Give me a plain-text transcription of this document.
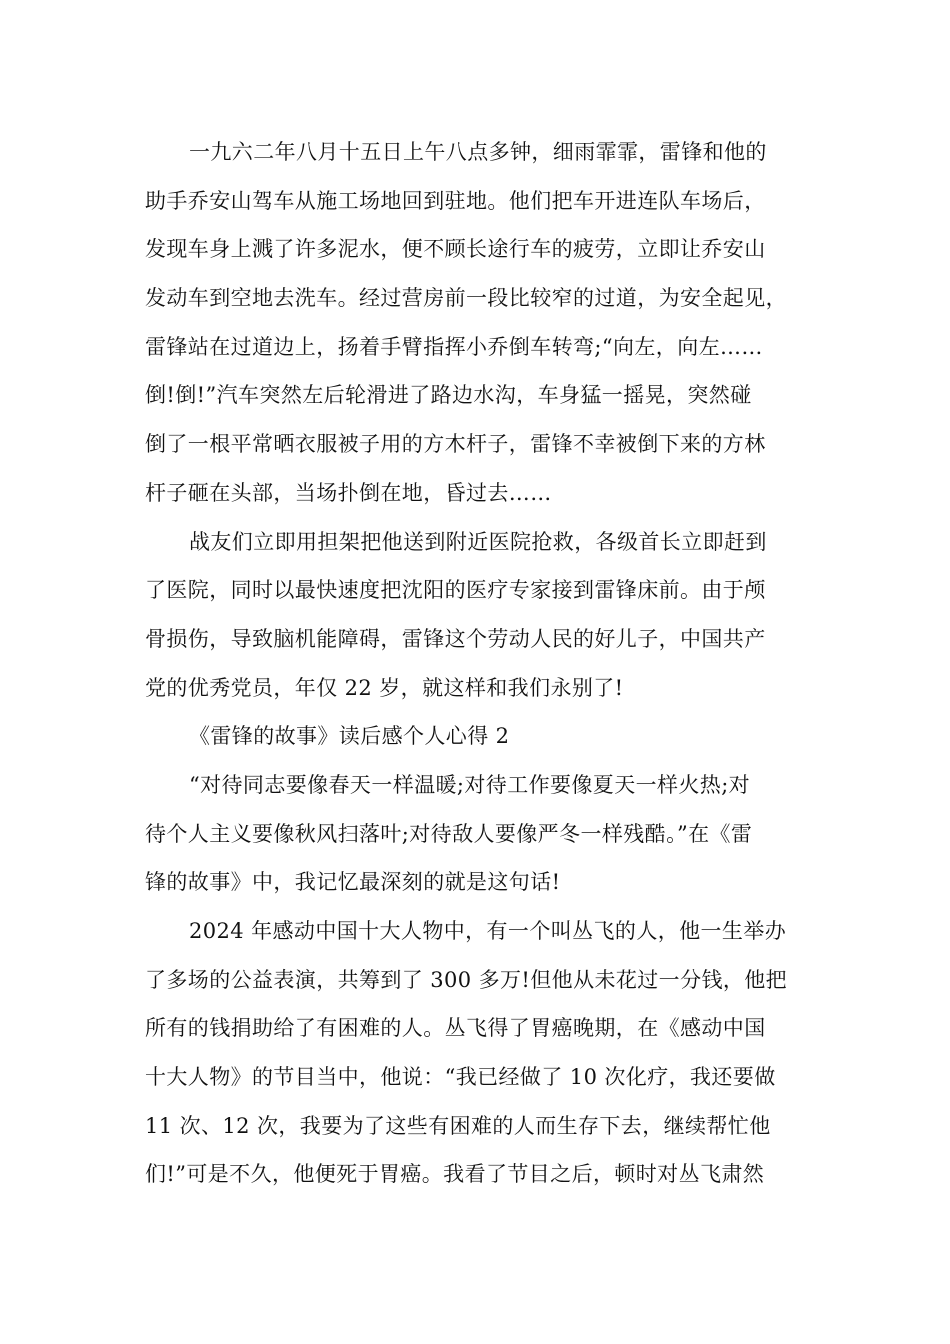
一九六二年八月十五日上午八点多钟，细雨霏霏，雷锋和他的
助手乔安山驾车从施工场地回到驻地。他们把车开进连队车场后，
发现车身上溅了许多泥水，便不顾长途行车的疲劳，立即让乔安山
发动车到空地去洗车。经过营房前一段比较窄的过道，为安全起见，
雷锋站在过道边上，扬着手臂指挥小乔倒车转弯;“向左，向左……
倒!倒!”汽车突然左后轮滑进了路边水沟，车身猛一摇晃，突然碰
倒了一根平常晒衣服被子用的方木杆子，雷锋不幸被倒下来的方林
杆子砸在头部，当场扑倒在地，昏过去……
战友们立即用担架把他送到附近医院抢救，各级首长立即赶到
了医院，同时以最快速度把沈阳的医疗专家接到雷锋床前。由于颅
骨损伤，导致脑机能障碍，雷锋这个劳动人民的好儿子，中国共产
党的优秀党员，年仅 22 岁，就这样和我们永别了!
《雷锋的故事》读后感个人心得 2
“对待同志要像春天一样温暖;对待工作要像夏天一样火热;对
待个人主义要像秋风扫落叶;对待敌人要像严冬一样残酷。”在《雷
锋的故事》中，我记忆最深刻的就是这句话!
2024 年感动中国十大人物中，有一个叫丛飞的人，他一生举办
了多场的公益表演，共筹到了 300 多万!但他从未花过一分钱，他把
所有的钱捐助给了有困难的人。丛飞得了胃癌晚期，在《感动中国
十大人物》的节目当中，他说：“我已经做了 10 次化疗，我还要做
11 次、12 次，我要为了这些有困难的人而生存下去，继续帮忙他
们!”可是不久，他便死于胃癌。我看了节目之后，顿时对丛飞肃然
